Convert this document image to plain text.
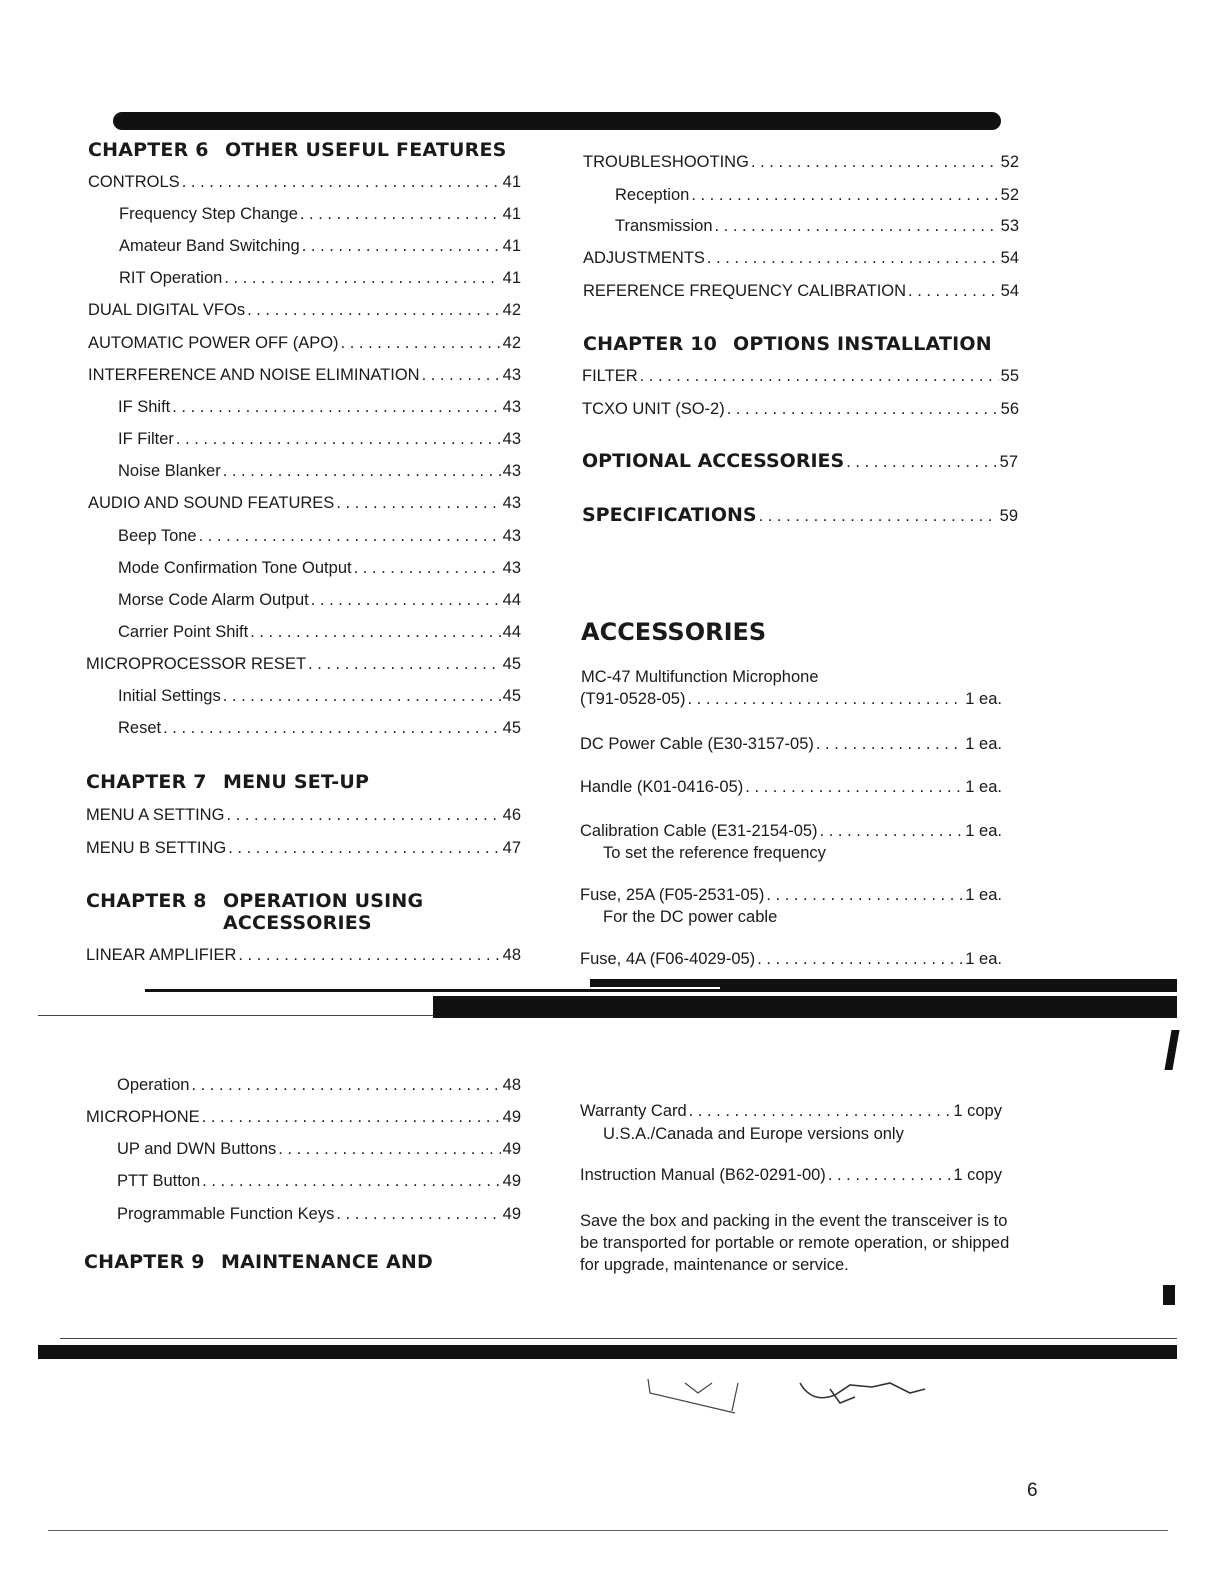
CHAPTER 6 OTHER USEFUL FEATURES
CONTROLS . . .	41
Frequency Step Change . . .	41
Amateur Band Switching . . .	41
RIT Operation . . .	41
DUAL DIGITAL VFOs . . .	42
AUTOMATIC POWER OFF (APO) . . .	42
INTERFERENCE AND NOISE ELIMINATION . . .	43
IF Shift . . .	43
IF Filter . . .	43
Noise Blanker . . .	43
AUDIO AND SOUND FEATURES . . .	43
Beep Tone . . .	43
Mode Confirmation Tone Output . . .	43
Morse Code Alarm Output . . .	44
Carrier Point Shift . . .	44
MICROPROCESSOR RESET . . .	45
Initial Settings . . .	45
Reset . . .	45
CHAPTER 7 MENU SET-UP
MENU A SETTING . . .	46
MENU B SETTING . . .	47
CHAPTER 8 OPERATION USING
ACCESSORIES
LINEAR AMPLIFIER . . .	48
Operation . . .	48
MICROPHONE . . .	49
UP and DWN Buttons . . .	49
PTT Button . . .	49
Programmable Function Keys . . .	49
CHAPTER 9 MAINTENANCE AND
TROUBLESHOOTING . . .	52
Reception . . .	52
Transmission . . .	53
ADJUSTMENTS . . .	54
REFERENCE FREQUENCY CALIBRATION . . .	54
CHAPTER 10 OPTIONS INSTALLATION
FILTER . . .	55
TCXO UNIT (SO-2) . . .	56
OPTIONAL ACCESSORIES . . .	57
SPECIFICATIONS . . .	59
ACCESSORIES
MC-47 Multifunction Microphone
(T91-0528-05) . . .	1 ea.
DC Power Cable (E30-3157-05) . . .	1 ea.
Handle (K01-0416-05) . . .	1 ea.
Calibration Cable (E31-2154-05) . . .	1 ea.
Fuse, 25A (F05-2531-05) . . .	1 ea.
Fuse, 4A (F06-4029-05) . . .	1 ea.
Warranty Card . . .	1 copy
Instruction Manual (B62-0291-00) . . .	1 copy
To set the reference frequency
For the DC power cable
U.S.A./Canada and Europe versions only
Save the box and packing in the event the transceiver is to be transported for portable or remote operation, or shipped for upgrade, maintenance or service.
6
